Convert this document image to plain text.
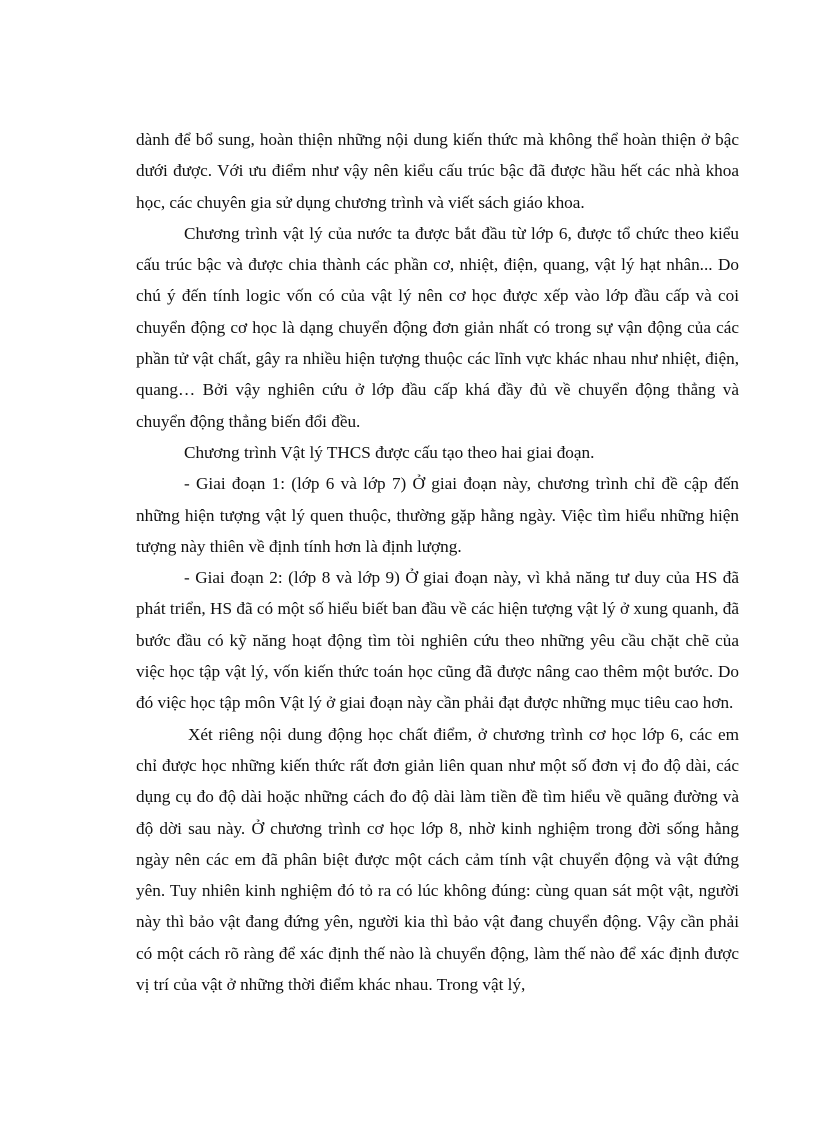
dành để bổ sung, hoàn thiện những nội dung kiến thức mà không thể hoàn thiện ở bậc dưới được. Với ưu điểm như vậy nên kiểu cấu trúc bậc đã được hầu hết các nhà khoa học, các chuyên gia sử dụng chương trình và viết sách giáo khoa.

Chương trình vật lý của nước ta được bắt đầu từ lớp 6, được tổ chức theo kiểu cấu trúc bậc và được chia thành các phần cơ, nhiệt, điện, quang, vật lý hạt nhân... Do chú ý đến tính logic vốn có của vật lý nên cơ học được xếp vào lớp đầu cấp và coi chuyển động cơ học là dạng chuyển động đơn giản nhất có trong sự vận động của các phần tử vật chất, gây ra nhiều hiện tượng thuộc các lĩnh vực khác nhau như nhiệt, điện, quang… Bởi vậy nghiên cứu ở lớp đầu cấp khá đầy đủ về chuyển động thẳng và chuyển động thẳng biến đổi đều.

Chương trình Vật lý THCS được cấu tạo theo hai giai đoạn.

- Giai đoạn 1: (lớp 6 và lớp 7) Ở giai đoạn này, chương trình chỉ đề cập đến những hiện tượng vật lý quen thuộc, thường gặp hằng ngày. Việc tìm hiểu những hiện tượng này thiên về định tính hơn là định lượng.

- Giai đoạn 2: (lớp 8 và lớp 9) Ở giai đoạn này, vì khả năng tư duy của HS đã phát triển, HS đã có một số hiểu biết ban đầu về các hiện tượng vật lý ở xung quanh, đã bước đầu có kỹ năng hoạt động tìm tòi nghiên cứu theo những yêu cầu chặt chẽ của việc học tập vật lý, vốn kiến thức toán học cũng đã được nâng cao thêm một bước. Do đó việc học tập môn Vật lý ở giai đoạn này cần phải đạt được những mục tiêu cao hơn.

Xét riêng nội dung động học chất điểm, ở chương trình cơ học lớp 6, các em chỉ được học những kiến thức rất đơn giản liên quan như một số đơn vị đo độ dài, các dụng cụ đo độ dài hoặc những cách đo độ dài làm tiền đề tìm hiểu về quãng đường và độ dời sau này. Ở chương trình cơ học lớp 8, nhờ kinh nghiệm trong đời sống hằng ngày nên các em đã phân biệt được một cách cảm tính vật chuyển động và vật đứng yên. Tuy nhiên kinh nghiệm đó tỏ ra có lúc không đúng: cùng quan sát một vật, người này thì bảo vật đang đứng yên, người kia thì bảo vật đang chuyển động. Vậy cần phải có một cách rõ ràng để xác định thế nào là chuyển động, làm thế nào để xác định được vị trí của vật ở những thời điểm khác nhau. Trong vật lý,
